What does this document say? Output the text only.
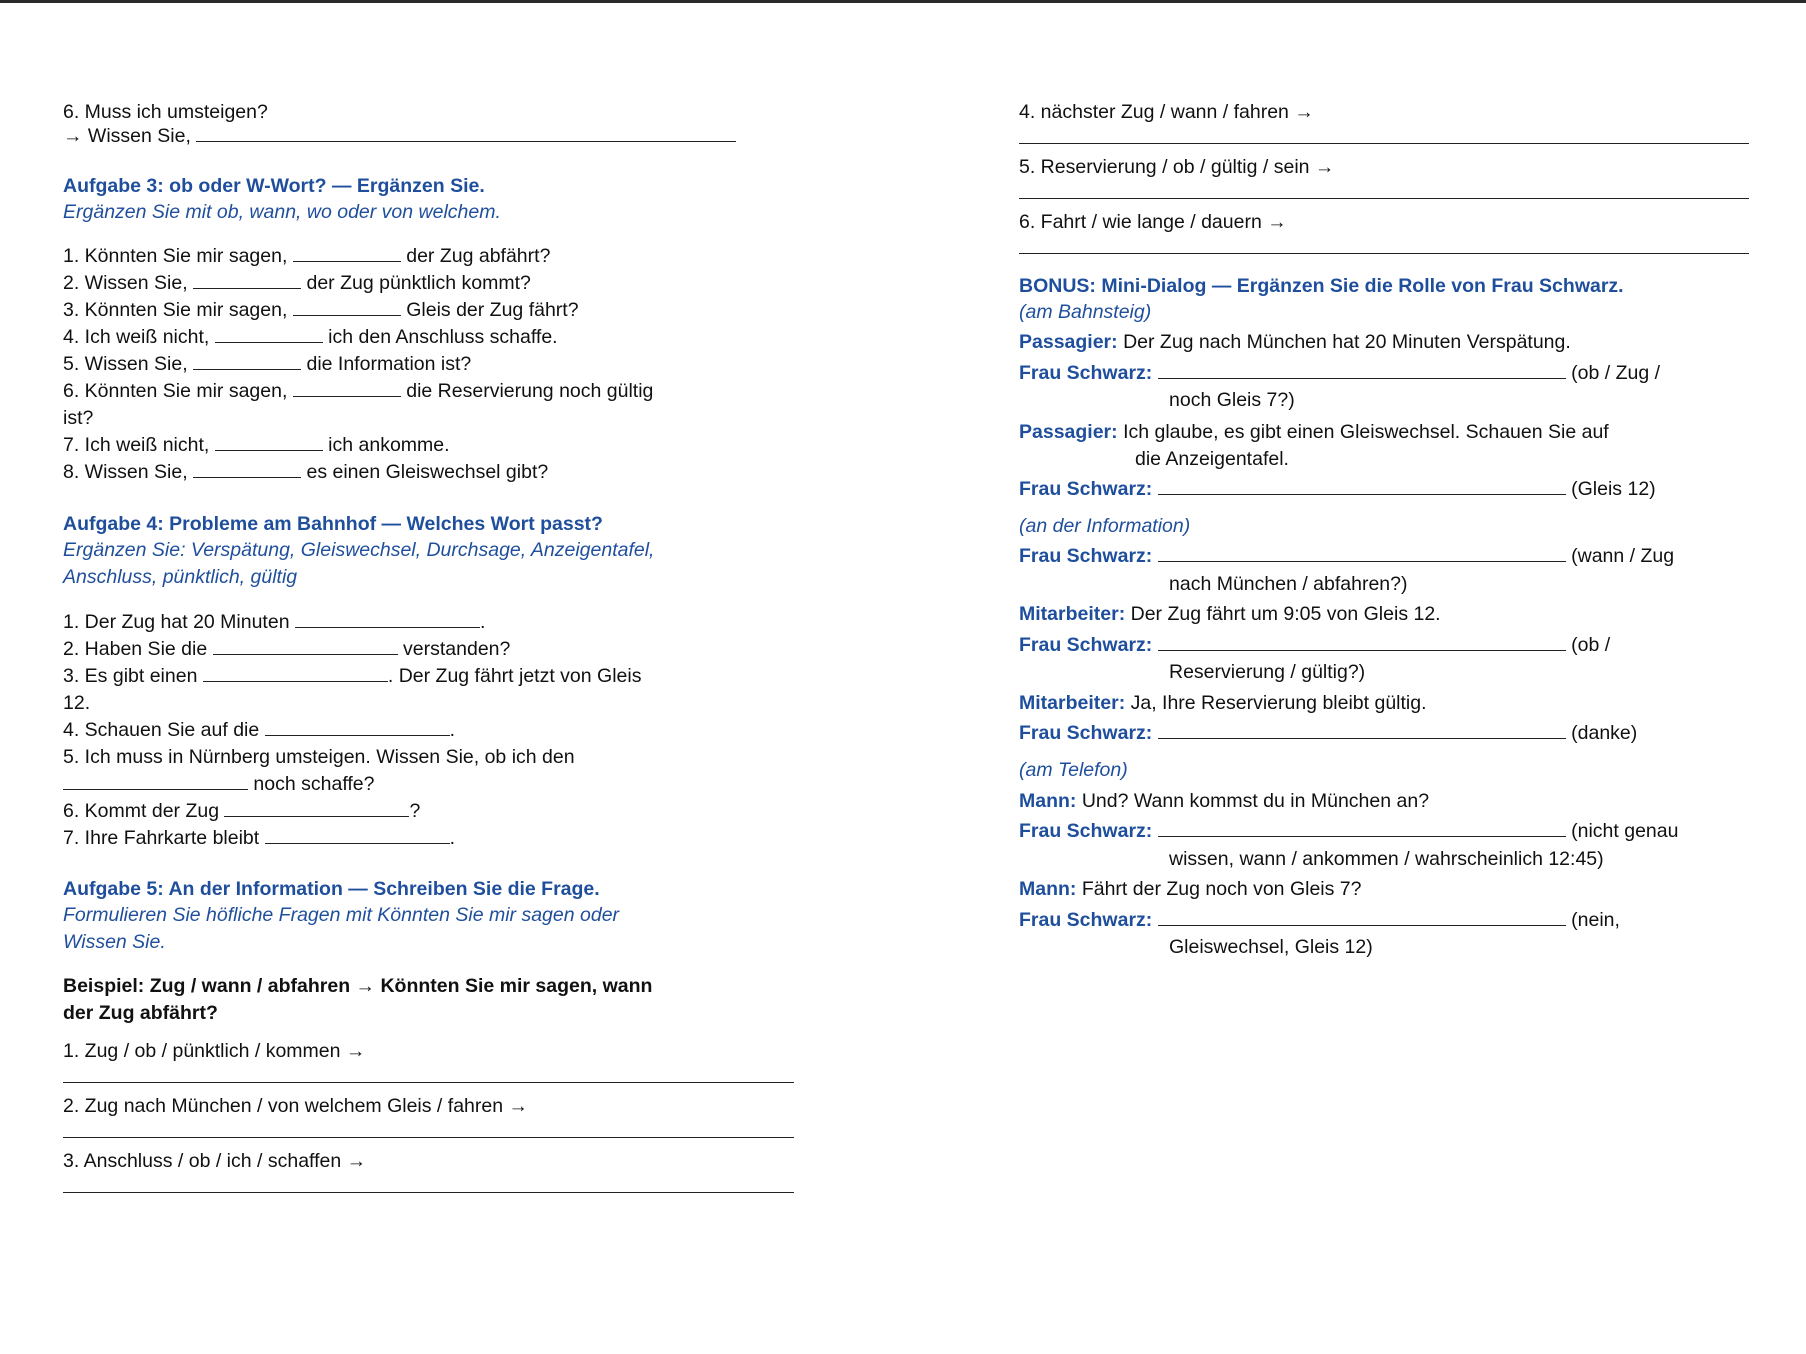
6. Muss ich umsteigen?
→ Wissen Sie,
Aufgabe 3: ob oder W-Wort? — Ergänzen Sie.
Ergänzen Sie mit ob, wann, wo oder von welchem.
1. Könnten Sie mir sagen,	der Zug abfährt?
2. Wissen Sie,	der Zug pünktlich kommt?
3. Könnten Sie mir sagen,	Gleis der Zug fährt?
4. Ich weiß nicht,	ich den Anschluss schaffe.
5. Wissen Sie,	die Information ist?
6. Könnten Sie mir sagen,	die Reservierung noch gültig
ist?
7. Ich weiß nicht,	ich ankomme.
8. Wissen Sie,	es einen Gleiswechsel gibt?
Aufgabe 4: Probleme am Bahnhof — Welches Wort passt?
Ergänzen Sie: Verspätung, Gleiswechsel, Durchsage, Anzeigentafel,
Anschluss, pünktlich, gültig
1. Der Zug hat 20 Minuten	.
2. Haben Sie die	verstanden?
3. Es gibt einen	. Der Zug fährt jetzt von Gleis
12.
4. Schauen Sie auf die	.
5. Ich muss in Nürnberg umsteigen. Wissen Sie, ob ich den
noch schaffe?
6. Kommt der Zug	?
7. Ihre Fahrkarte bleibt	.
Aufgabe 5: An der Information — Schreiben Sie die Frage.
Formulieren Sie höfliche Fragen mit Könnten Sie mir sagen oder
Wissen Sie.
Beispiel: Zug / wann / abfahren → Könnten Sie mir sagen, wann
der Zug abfährt?
1. Zug / ob / pünktlich / kommen →
2. Zug nach München / von welchem Gleis / fahren →
3. Anschluss / ob / ich / schaffen →
4. nächster Zug / wann / fahren →
5. Reservierung / ob / gültig / sein →
6. Fahrt / wie lange / dauern →
BONUS: Mini-Dialog — Ergänzen Sie die Rolle von Frau Schwarz.
(am Bahnsteig)
Passagier: Der Zug nach München hat 20 Minuten Verspätung.
Frau Schwarz:	(ob / Zug /
noch Gleis 7?)
Passagier: Ich glaube, es gibt einen Gleiswechsel. Schauen Sie auf
die Anzeigentafel.
Frau Schwarz:	(Gleis 12)
(an der Information)
Frau Schwarz:	(wann / Zug
nach München / abfahren?)
Mitarbeiter: Der Zug fährt um 9:05 von Gleis 12.
Frau Schwarz:	(ob /
Reservierung / gültig?)
Mitarbeiter: Ja, Ihre Reservierung bleibt gültig.
Frau Schwarz:	(danke)
(am Telefon)
Mann: Und? Wann kommst du in München an?
Frau Schwarz:	(nicht genau
wissen, wann / ankommen / wahrscheinlich 12:45)
Mann: Fährt der Zug noch von Gleis 7?
Frau Schwarz:	(nein,
Gleiswechsel, Gleis 12)
